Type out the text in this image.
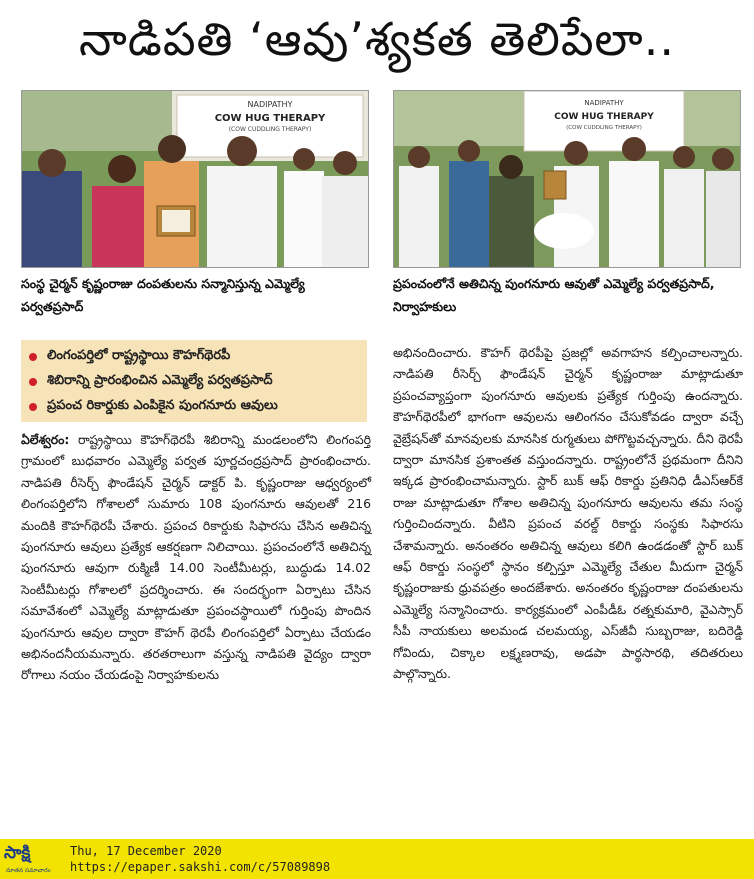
నాడిపతి ‘ఆవు’శ్యకత తెలిపేలా..
NADIPATHY
COW HUG THERAPY
(COW CUDDLING THERAPY)
NADIPATHY
COW HUG THERAPY
(COW CUDDLING THERAPY)
సంస్థ చైర్మన్‌ కృష్ణంరాజు దంపతులను సన్మానిస్తున్న ఎమ్మెల్యే పర్వతప్రసాద్‌
ప్రపంచంలోనే అతిచిన్న పుంగనూరు ఆవుతో ఎమ్మెల్యే పర్వతప్రసాద్‌, నిర్వాహకులు
లింగంపర్తిలో రాష్ట్రస్థాయి కౌహగ్‌థెరపీ
శిబిరాన్ని ప్రారంభించిన ఎమ్మెల్యే పర్వతప్రసాద్‌
ప్రపంచ రికార్డుకు ఎంపికైన పుంగనూరు ఆవులు
ఏలేశ్వరం: రాష్ట్రస్థాయి కౌహగ్‌థెరపీ శిబిరాన్ని మండలంలోని లింగంపర్తి గ్రామంలో బుధవారం ఎమ్మెల్యే పర్వత పూర్ణచంద్రప్రసాద్‌ ప్రారంభించారు. నాడిపతి రీసెర్చ్‌ ఫౌండేషన్‌ చైర్మన్‌ డాక్టర్‌ పి. కృష్ణంరాజు ఆధ్వర్యంలో లింగంపర్తిలోని గోశాలలో సుమారు 108 పుంగనూరు ఆవులతో 216 మందికి కౌహగ్‌థెరపీ చేశారు. ప్రపంచ రికార్డుకు సిఫారసు చేసిన అతిచిన్న పుంగనూరు ఆవులు ప్రత్యేక ఆకర్షణగా నిలిచాయి. ప్రపంచంలోనే అతిచిన్న పుంగనూరు ఆవుగా రుక్మిణీ 14.00 సెంటీమీటర్లు, బుద్ధుడు 14.02 సెంటీమీటర్లు గోశాలలో ప్రదర్శించారు. ఈ సందర్భంగా ఏర్పాటు చేసిన సమావేశంలో ఎమ్మెల్యే మాట్లాడుతూ ప్రపంచస్థాయిలో గుర్తింపు పొందిన పుంగనూరు ఆవుల ద్వారా కౌహగ్‌ థెరపీ లింగంపర్తిలో ఏర్పాటు చేయడం అభినందనీయమన్నారు. తరతరాలుగా వస్తున్న నాడిపతి వైద్యం ద్వారా రోగాలు నయం చేయడంపై నిర్వాహకులను
అభినందించారు. కౌహగ్‌ థెరపీపై ప్రజల్లో అవగాహన కల్పించాలన్నారు. నాడిపతి రీసెర్చ్‌ ఫౌండేషన్‌ చైర్మన్‌ కృష్ణంరాజు మాట్లాడుతూ ప్రపంచవ్యాప్తంగా పుంగనూరు ఆవులకు ప్రత్యేక గుర్తింపు ఉందన్నారు. కౌహగ్‌థెరపీలో భాగంగా ఆవులను ఆలింగనం చేసుకోవడం ద్వారా వచ్చే వైబ్రేషన్‌తో మానవులకు మానసిక రుగ్మతులు పోగొట్టవచ్చన్నారు. దీని థెరపీ ద్వారా మానసిక ప్రశాంతత వస్తుందన్నారు. రాష్ట్రంలోనే ప్రథమంగా దీనిని ఇక్కడ ప్రారంభించామన్నారు. స్టార్‌ బుక్‌ ఆఫ్‌ రికార్డు ప్రతినిధి డీఎస్‌ఆర్‌కే రాజు మాట్లాడుతూ గోశాల అతిచిన్న పుంగనూరు ఆవులను తమ సంస్థ గుర్తించిందన్నారు. వీటిని ప్రపంచ వరల్డ్‌ రికార్డు సంస్థకు సిఫారసు చేశామన్నారు. అనంతరం అతిచిన్న ఆవులు కలిగి ఉండడంతో స్టార్‌ బుక్‌ ఆఫ్‌ రికార్డు సంస్థలో స్థానం కల్పిస్తూ ఎమ్మెల్యే చేతుల మీదుగా చైర్మన్‌ కృష్ణంరాజుకు ధ్రువపత్రం అందజేశారు. అనంతరం కృష్ణంరాజు దంపతులను ఎమ్మెల్యే సన్మానించారు. కార్యక్రమంలో ఎంపీడీఓ రత్నకుమారి, వైఎస్సార్‌ సీపీ నాయకులు అలమండ చలమయ్య, ఎస్‌జీవీ సుబ్బరాజు, బదిరెడ్డి గోవిందు, చిక్కాల లక్ష్మణరావు, అడపా పార్థసారథి, తదితరులు పాల్గొన్నారు.
సాక్షి
నూతన సమాచారం
Thu, 17 December 2020
https://epaper.sakshi.com/c/57089898
